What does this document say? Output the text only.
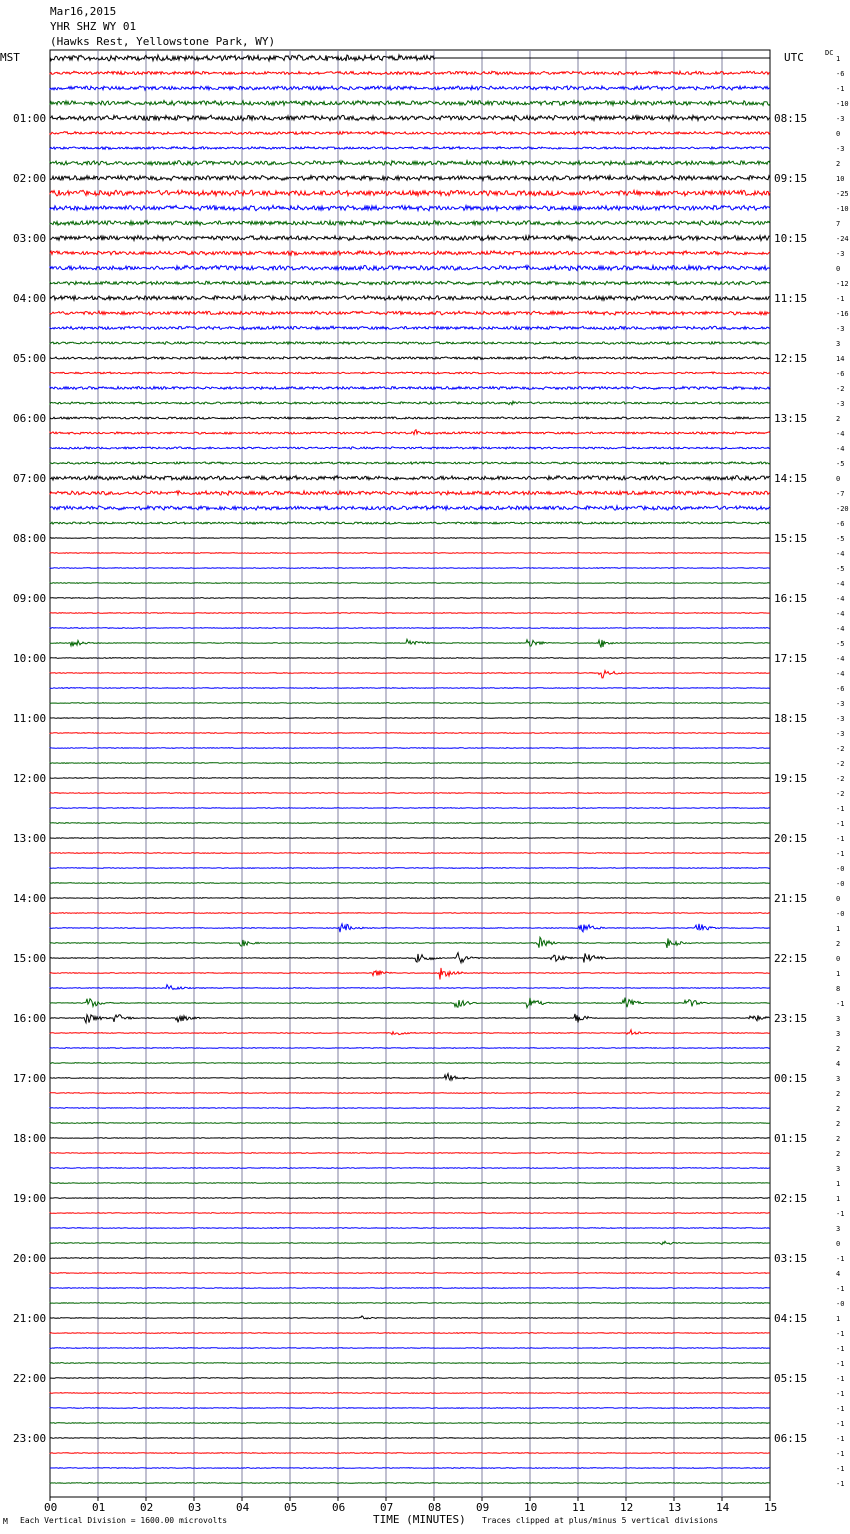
Mar16,2015
YHR SHZ WY 01
(Hawks Rest, Yellowstone Park, WY)
MST	UTC	DC
01:00
02:00
03:00
04:00
05:00
06:00
07:00
08:00
09:00
10:00
11:00
12:00
13:00
14:00
15:00
16:00
17:00
18:00
19:00
20:00
21:00
22:00
23:00
08:15
09:15
10:15
11:15
12:15
13:15
14:15
15:15
16:15
17:15
18:15
19:15
20:15
21:15
22:15
23:15
00:15
01:15
02:15
03:15
04:15
05:15
06:15
1
-6
-1
-10
-3
0
-3
2
10
-25
-10
7
-24
-3
0
-12
-1
-16
-3
3
14
-6
-2
-3
2
-4
-4
-5
0
-7
-20
-6
-5
-4
-5
-4
-4
-4
-4
-5
-4
-4
-6
-3
-3
-3
-2
-2
-2
-2
-1
-1
-1
-1
-0
-0
0
-0
1
2
0
1
8
-1
3
3
2
4
3
2
2
2
2
2
3
1
1
-1
3
0
-1
4
-1
-0
1
-1
-1
-1
-1
-1
-1
-1
-1
-1
-1
-1
00	01	02	03	04	05	06	07	08	09	10	11	12	13	14	15
M Each Vertical Division = 1600.00 microvolts	TIME (MINUTES) Traces clipped at plus/minus 5 vertical divisions
